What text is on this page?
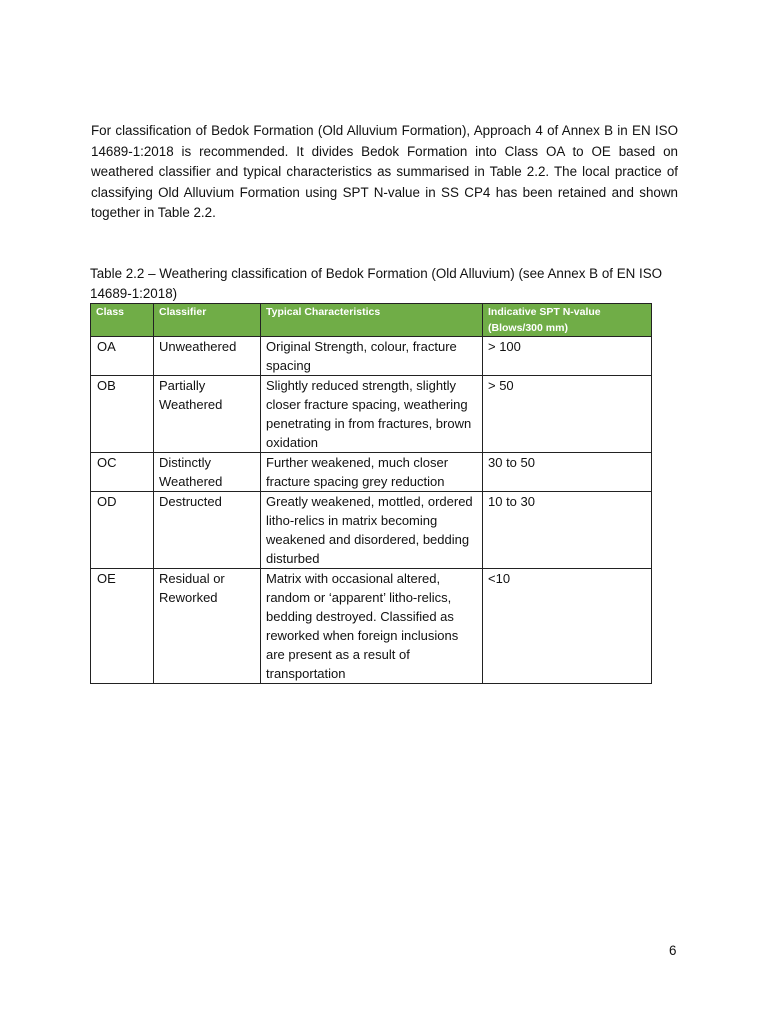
For classification of Bedok Formation (Old Alluvium Formation), Approach 4 of Annex B in EN ISO 14689-1:2018 is recommended. It divides Bedok Formation into Class OA to OE based on weathered classifier and typical characteristics as summarised in Table 2.2. The local practice of classifying Old Alluvium Formation using SPT N-value in SS CP4 has been retained and shown together in Table 2.2.

Table 2.2 – Weathering classification of Bedok Formation (Old Alluvium) (see Annex B of EN ISO 14689-1:2018)

Class	Classifier	Typical Characteristics	Indicative SPT N-value (Blows/300 mm)
OA	Unweathered	Original Strength, colour, fracture spacing	> 100
OB	Partially Weathered	Slightly reduced strength, slightly closer fracture spacing, weathering penetrating in from fractures, brown oxidation	> 50
OC	Distinctly Weathered	Further weakened, much closer fracture spacing grey reduction	30 to 50
OD	Destructed	Greatly weakened, mottled, ordered litho-relics in matrix becoming weakened and disordered, bedding disturbed	10 to 30
OE	Residual or Reworked	Matrix with occasional altered, random or ‘apparent’ litho-relics, bedding destroyed. Classified as reworked when foreign inclusions are present as a result of transportation	<10
6
